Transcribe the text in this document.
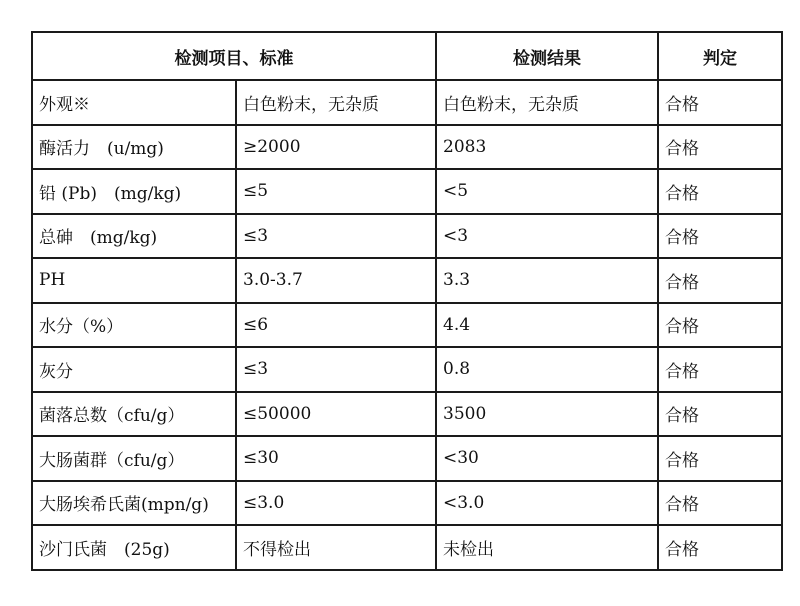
检测项目、标准		检测结果	判定
外观※	白色粉末，无杂质	白色粉末，无杂质	合格
酶活力　(u/mg)	≥2000	2083	合格
铅 (Pb)　(mg/kg)	≤5	<5	合格
总砷　(mg/kg)	≤3	<3	合格
PH	3.0-3.7	3.3	合格
水分（%）	≤6	4.4	合格
灰分	≤3	0.8	合格
菌落总数（cfu/g）	≤50000	3500	合格
大肠菌群（cfu/g）	≤30	<30	合格
大肠埃希氏菌(mpn/g)	≤3.0	<3.0	合格
沙门氏菌　(25g)	不得检出	未检出	合格
